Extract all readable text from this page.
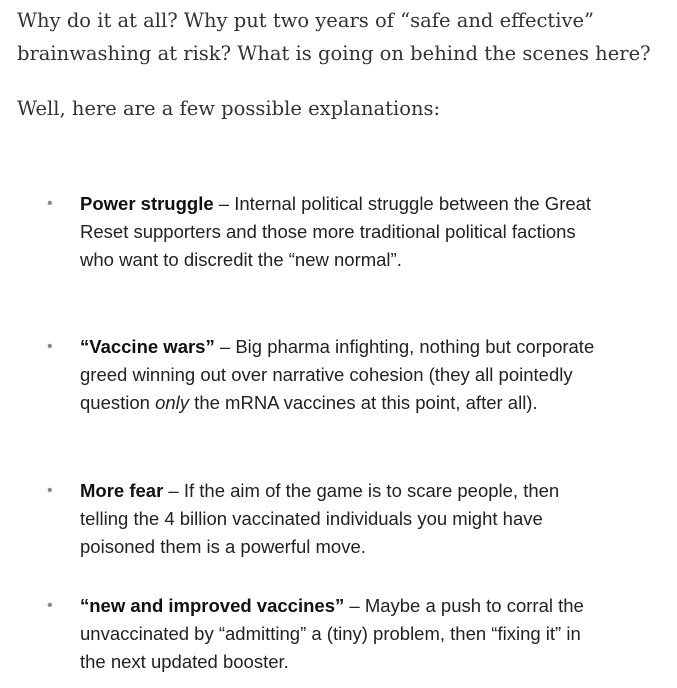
Why do it at all? Why put two years of “safe and effective” brainwashing at risk? What is going on behind the scenes here?

Well, here are a few possible explanations:

• Power struggle – Internal political struggle between the Great Reset supporters and those more traditional political factions who want to discredit the “new normal”.
• “Vaccine wars” – Big pharma infighting, nothing but corporate greed winning out over narrative cohesion (they all pointedly question only the mRNA vaccines at this point, after all).
• More fear – If the aim of the game is to scare people, then telling the 4 billion vaccinated individuals you might have poisoned them is a powerful move.
• “new and improved vaccines” – Maybe a push to corral the unvaccinated by “admitting” a (tiny) problem, then “fixing it” in the next updated booster.
